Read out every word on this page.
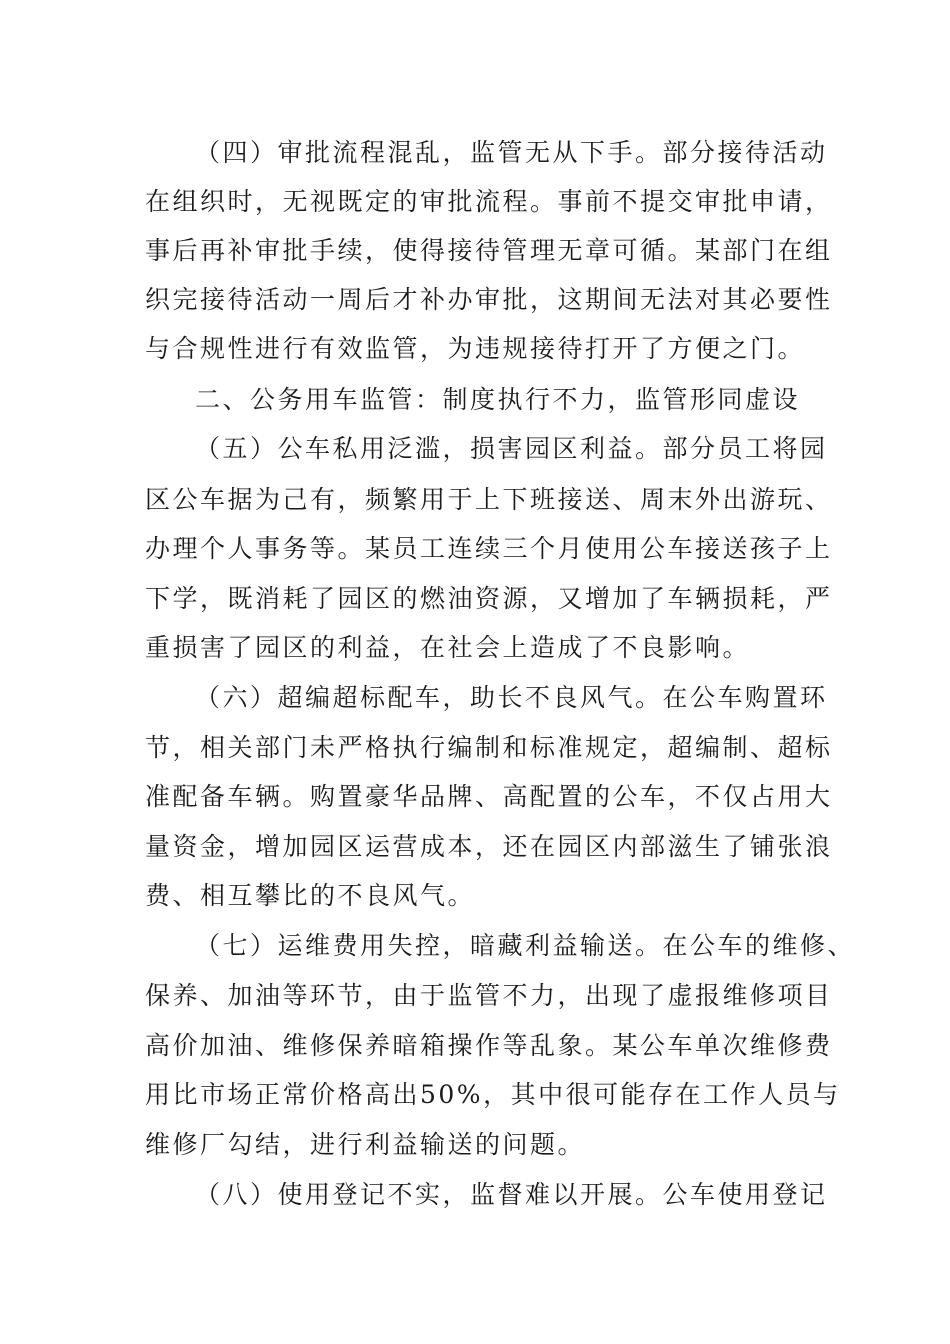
（四）审批流程混乱，监管无从下手。部分接待活动
在组织时，无视既定的审批流程。事前不提交审批申请，
事后再补审批手续，使得接待管理无章可循。某部门在组
织完接待活动一周后才补办审批，这期间无法对其必要性
与合规性进行有效监管，为违规接待打开了方便之门。
二、公务用车监管：制度执行不力，监管形同虚设
（五）公车私用泛滥，损害园区利益。部分员工将园
区公车据为己有，频繁用于上下班接送、周末外出游玩、
办理个人事务等。某员工连续三个月使用公车接送孩子上
下学，既消耗了园区的燃油资源，又增加了车辆损耗，严
重损害了园区的利益，在社会上造成了不良影响。
（六）超编超标配车，助长不良风气。在公车购置环
节，相关部门未严格执行编制和标准规定，超编制、超标
准配备车辆。购置豪华品牌、高配置的公车，不仅占用大
量资金，增加园区运营成本，还在园区内部滋生了铺张浪
费、相互攀比的不良风气。
（七）运维费用失控，暗藏利益输送。在公车的维修、
保养、加油等环节，由于监管不力，出现了虚报维修项目
高价加油、维修保养暗箱操作等乱象。某公车单次维修费
用比市场正常价格高出50%，其中很可能存在工作人员与
维修厂勾结，进行利益输送的问题。
（八）使用登记不实，监督难以开展。公车使用登记
